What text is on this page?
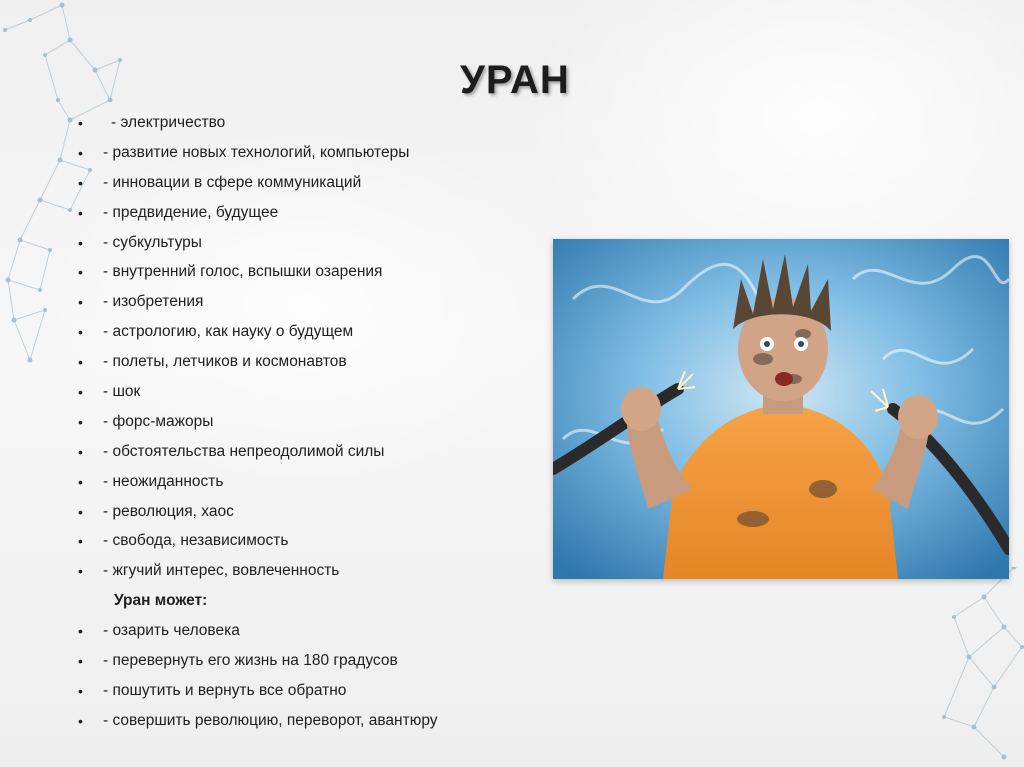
УРАН
• - электричество
• - развитие новых технологий, компьютеры
• - инновации в сфере коммуникаций
• - предвидение, будущее
• - субкультуры
• - внутренний голос, вспышки озарения
• - изобретения
• - астрологию, как науку о будущем
• - полеты, летчиков и космонавтов
• - шок
• - форс-мажоры
• - обстоятельства непреодолимой силы
• - неожиданность
• - революция, хаос
• - свобода, независимость
• - жгучий интерес, вовлеченность
Уран может:
• - озарить человека
• - перевернуть его жизнь на 180 градусов
• - пошутить и вернуть все обратно
• - совершить революцию, переворот, авантюру
